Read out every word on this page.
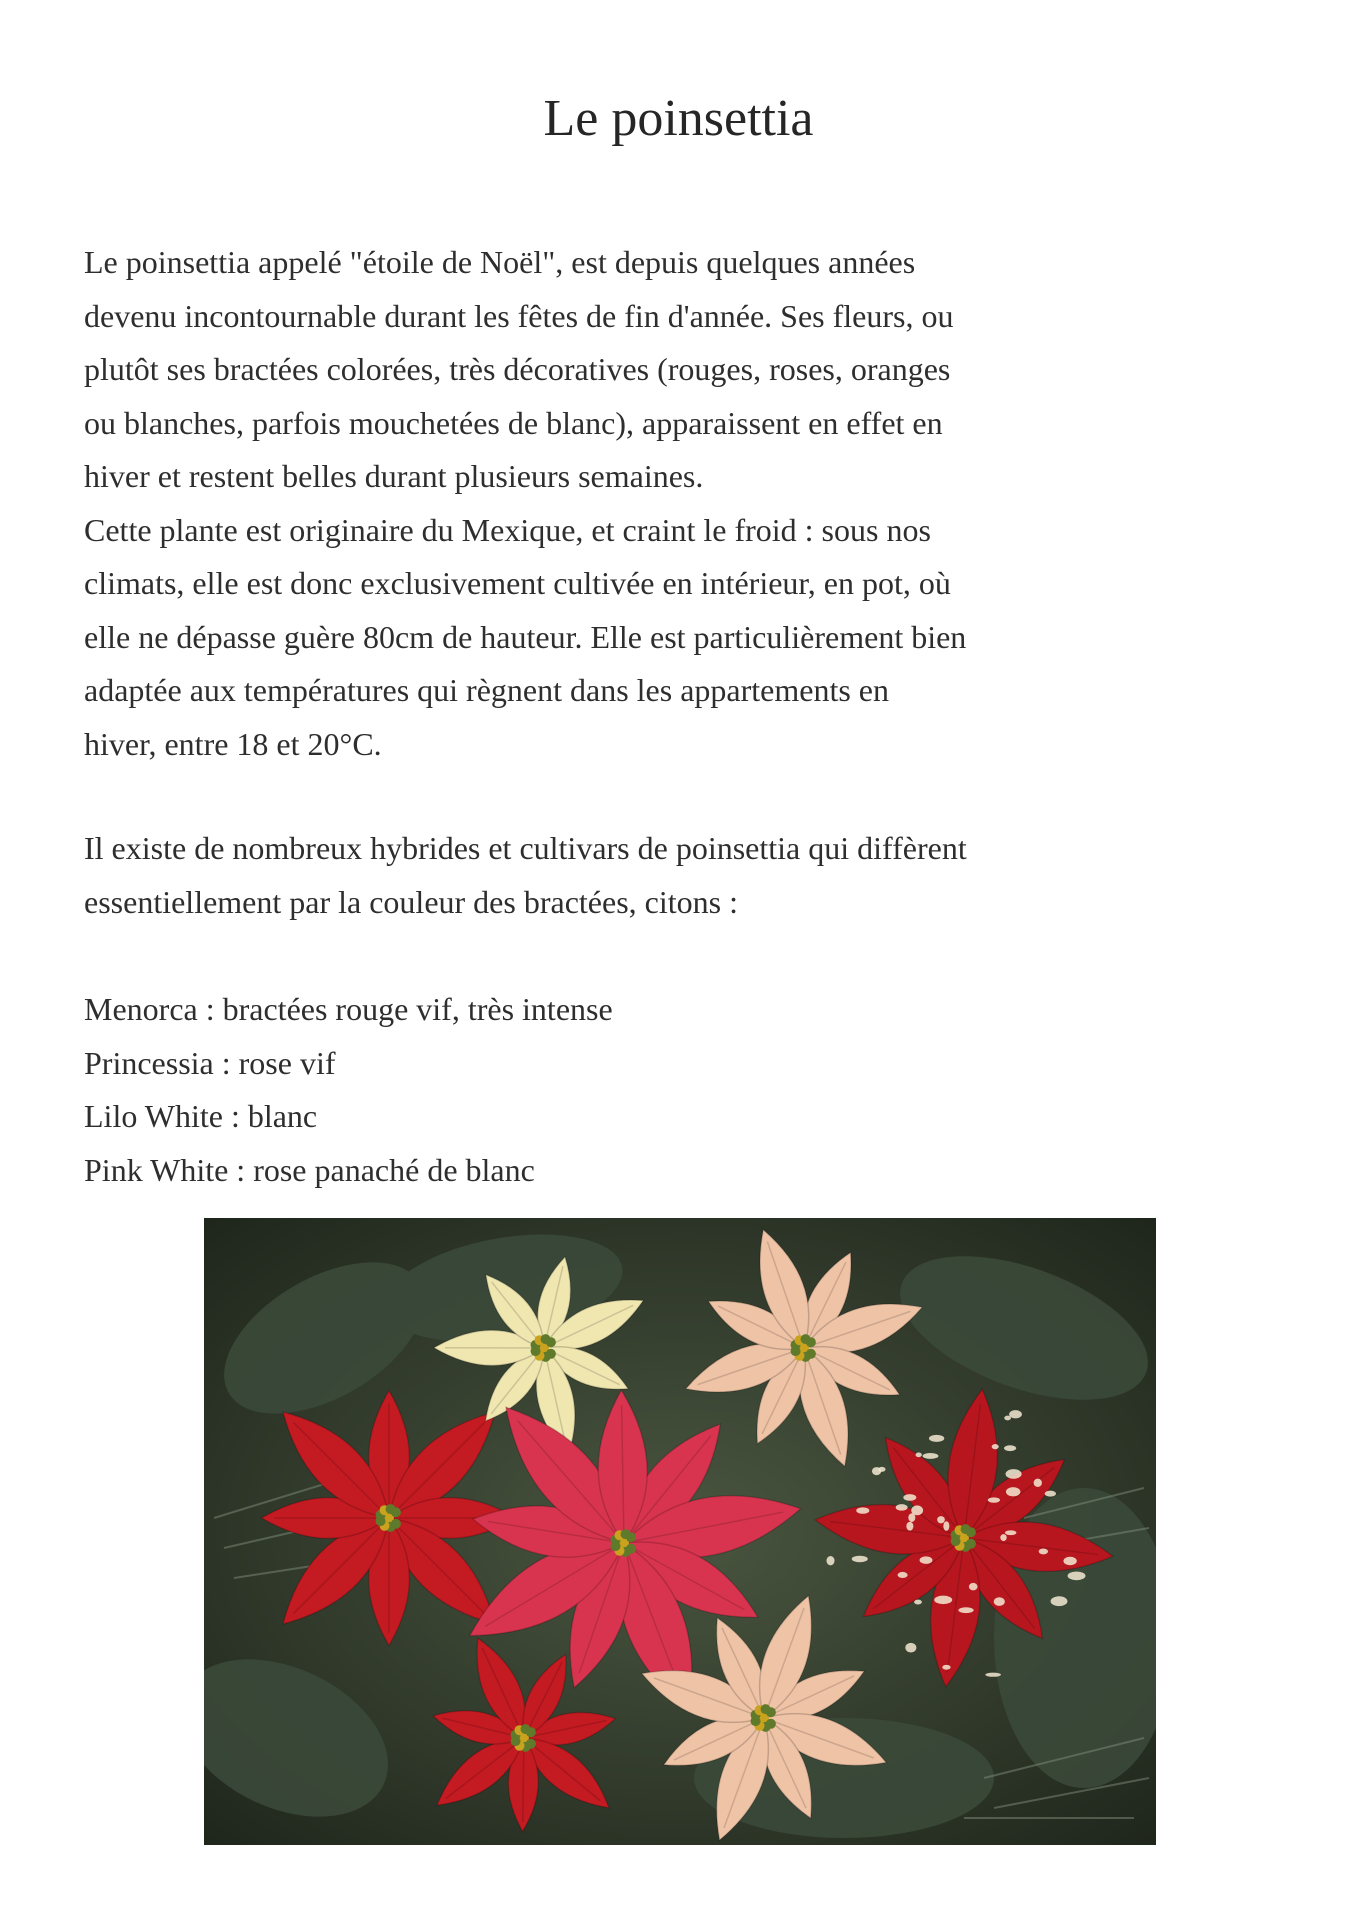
Le poinsettia
Le poinsettia appelé "étoile de Noël", est depuis quelques années
devenu incontournable durant les fêtes de fin d'année. Ses fleurs, ou
plutôt ses bractées colorées, très décoratives (rouges, roses, oranges
ou blanches, parfois mouchetées de blanc), apparaissent en effet en
hiver et restent belles durant plusieurs semaines.
Cette plante est originaire du Mexique, et craint le froid : sous nos
climats, elle est donc exclusivement cultivée en intérieur, en pot, où
elle ne dépasse guère 80cm de hauteur. Elle est particulièrement bien
adaptée aux températures qui règnent dans les appartements en
hiver, entre 18 et 20°C.
Il existe de nombreux hybrides et cultivars de poinsettia qui diffèrent
essentiellement par la couleur des bractées, citons :
Menorca : bractées rouge vif, très intense
Princessia : rose vif
Lilo White : blanc
Pink White : rose panaché de blanc
